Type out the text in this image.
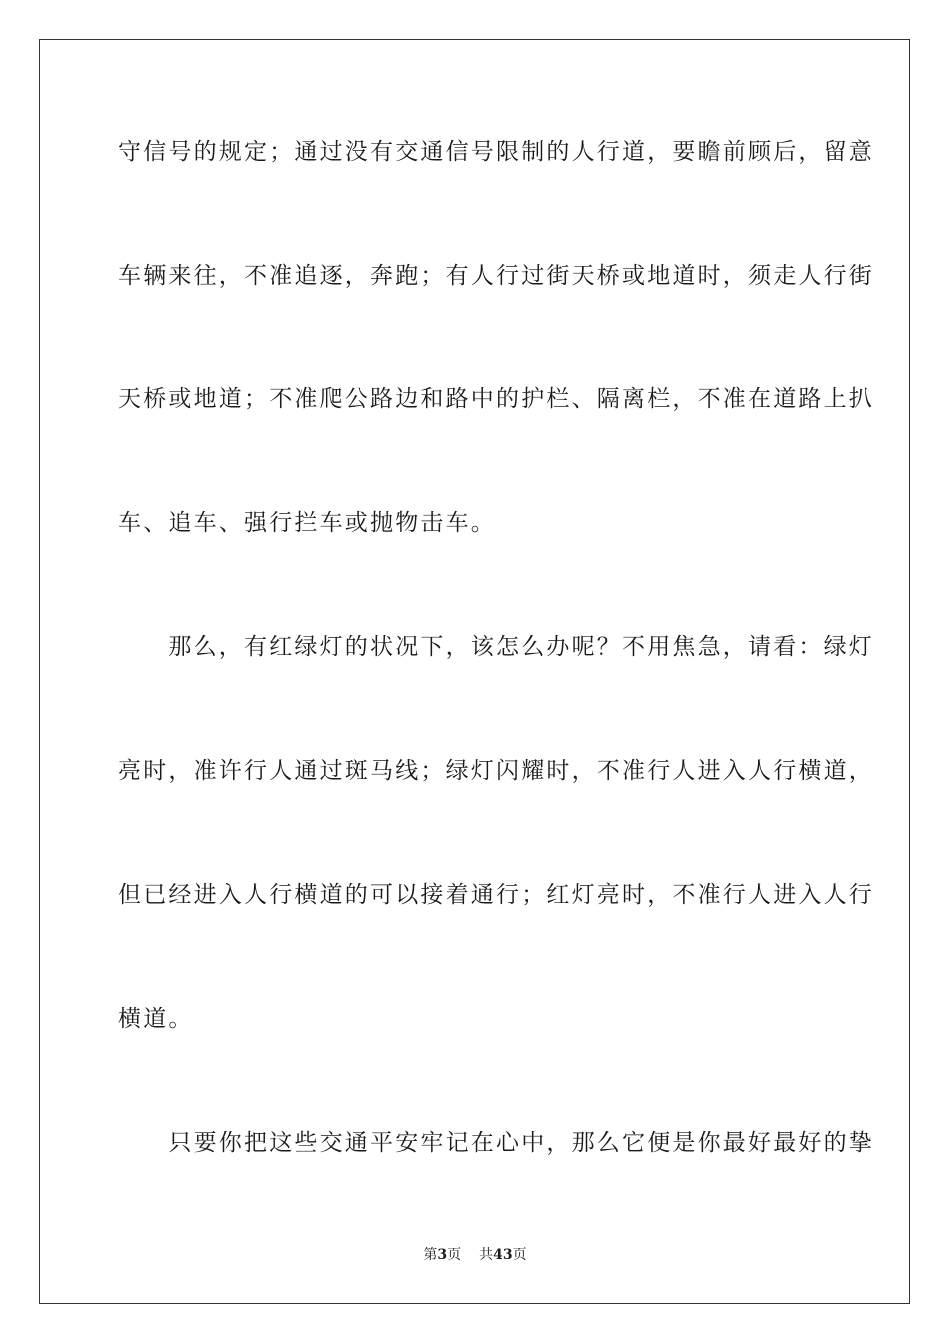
守信号的规定；通过没有交通信号限制的人行道，要瞻前顾后，留意
车辆来往，不准追逐，奔跑；有人行过街天桥或地道时，须走人行街
天桥或地道；不准爬公路边和路中的护栏、隔离栏，不准在道路上扒
车、追车、强行拦车或抛物击车。
　　那么，有红绿灯的状况下，该怎么办呢？不用焦急，请看：绿灯
亮时，准许行人通过斑马线；绿灯闪耀时，不准行人进入人行横道，
但已经进入人行横道的可以接着通行；红灯亮时，不准行人进入人行
横道。
　　只要你把这些交通平安牢记在心中，那么它便是你最好最好的挚
第3页 共43页
